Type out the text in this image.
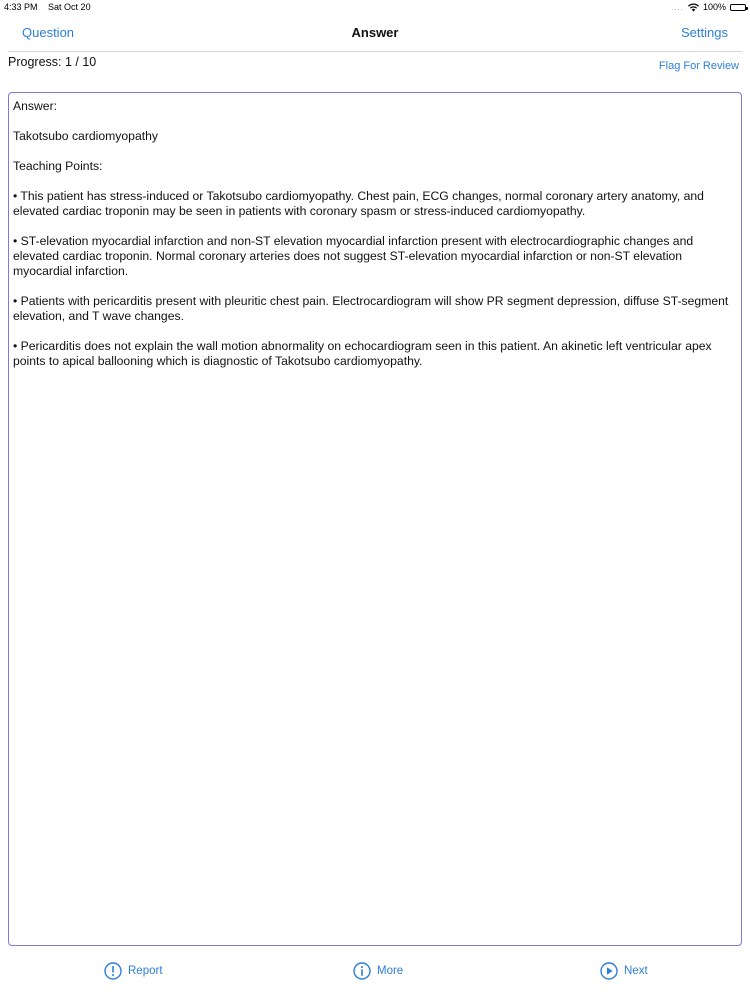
4:33 PM Sat Oct 20	.... 100%
Question	Answer	Settings
Progress: 1 / 10	Flag For Review

Answer:

Takotsubo cardiomyopathy

Teaching Points:

• This patient has stress-induced or Takotsubo cardiomyopathy. Chest pain, ECG changes, normal coronary artery anatomy, and elevated cardiac troponin may be seen in patients with coronary spasm or stress-induced cardiomyopathy.

• ST-elevation myocardial infarction and non-ST elevation myocardial infarction present with electrocardiographic changes and elevated cardiac troponin. Normal coronary arteries does not suggest ST-elevation myocardial infarction or non-ST elevation myocardial infarction.

• Patients with pericarditis present with pleuritic chest pain. Electrocardiogram will show PR segment depression, diffuse ST-segment elevation, and T wave changes.

• Pericarditis does not explain the wall motion abnormality on echocardiogram seen in this patient. An akinetic left ventricular apex points to apical ballooning which is diagnostic of Takotsubo cardiomyopathy.

Report	More	Next
